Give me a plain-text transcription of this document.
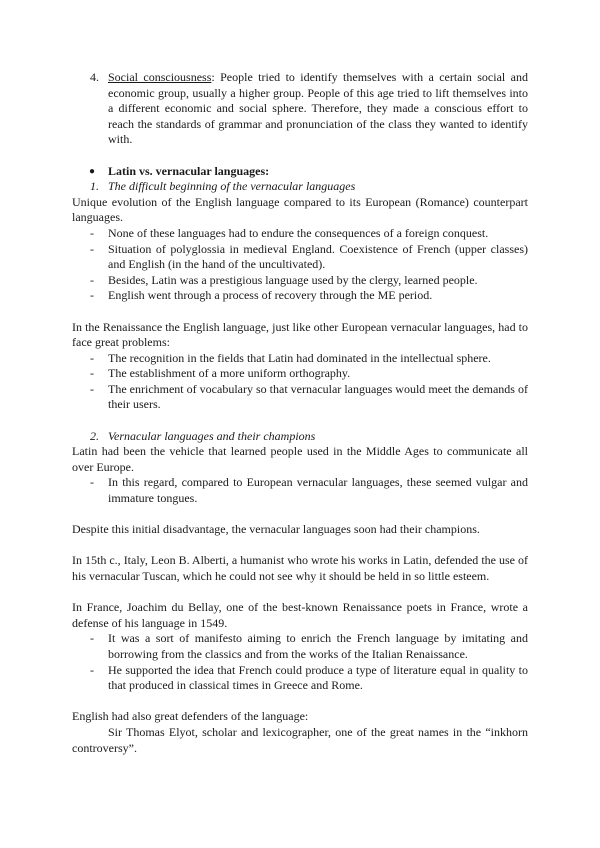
4. Social consciousness: People tried to identify themselves with a certain social and economic group, usually a higher group. People of this age tried to lift themselves into a different economic and social sphere. Therefore, they made a conscious effort to reach the standards of grammar and pronunciation of the class they wanted to identify with.
● Latin vs. vernacular languages:
1. The difficult beginning of the vernacular languages

Unique evolution of the English language compared to its European (Romance) counterpart languages.

- None of these languages had to endure the consequences of a foreign conquest.
- Situation of polyglossia in medieval England. Coexistence of French (upper classes) and English (in the hand of the uncultivated).
- Besides, Latin was a prestigious language used by the clergy, learned people.
- English went through a process of recovery through the ME period.

In the Renaissance the English language, just like other European vernacular languages, had to face great problems:

- The recognition in the fields that Latin had dominated in the intellectual sphere.
- The establishment of a more uniform orthography.
- The enrichment of vocabulary so that vernacular languages would meet the demands of their users.
2. Vernacular languages and their champions

Latin had been the vehicle that learned people used in the Middle Ages to communicate all over Europe.

- In this regard, compared to European vernacular languages, these seemed vulgar and immature tongues.

Despite this initial disadvantage, the vernacular languages soon had their champions.

In 15th c., Italy, Leon B. Alberti, a humanist who wrote his works in Latin, defended the use of his vernacular Tuscan, which he could not see why it should be held in so little esteem.

In France, Joachim du Bellay, one of the best-known Renaissance poets in France, wrote a defense of his language in 1549.

- It was a sort of manifesto aiming to enrich the French language by imitating and borrowing from the classics and from the works of the Italian Renaissance.
- He supported the idea that French could produce a type of literature equal in quality to that produced in classical times in Greece and Rome.

English had also great defenders of the language:

Sir Thomas Elyot, scholar and lexicographer, one of the great names in the “inkhorn controversy”.
